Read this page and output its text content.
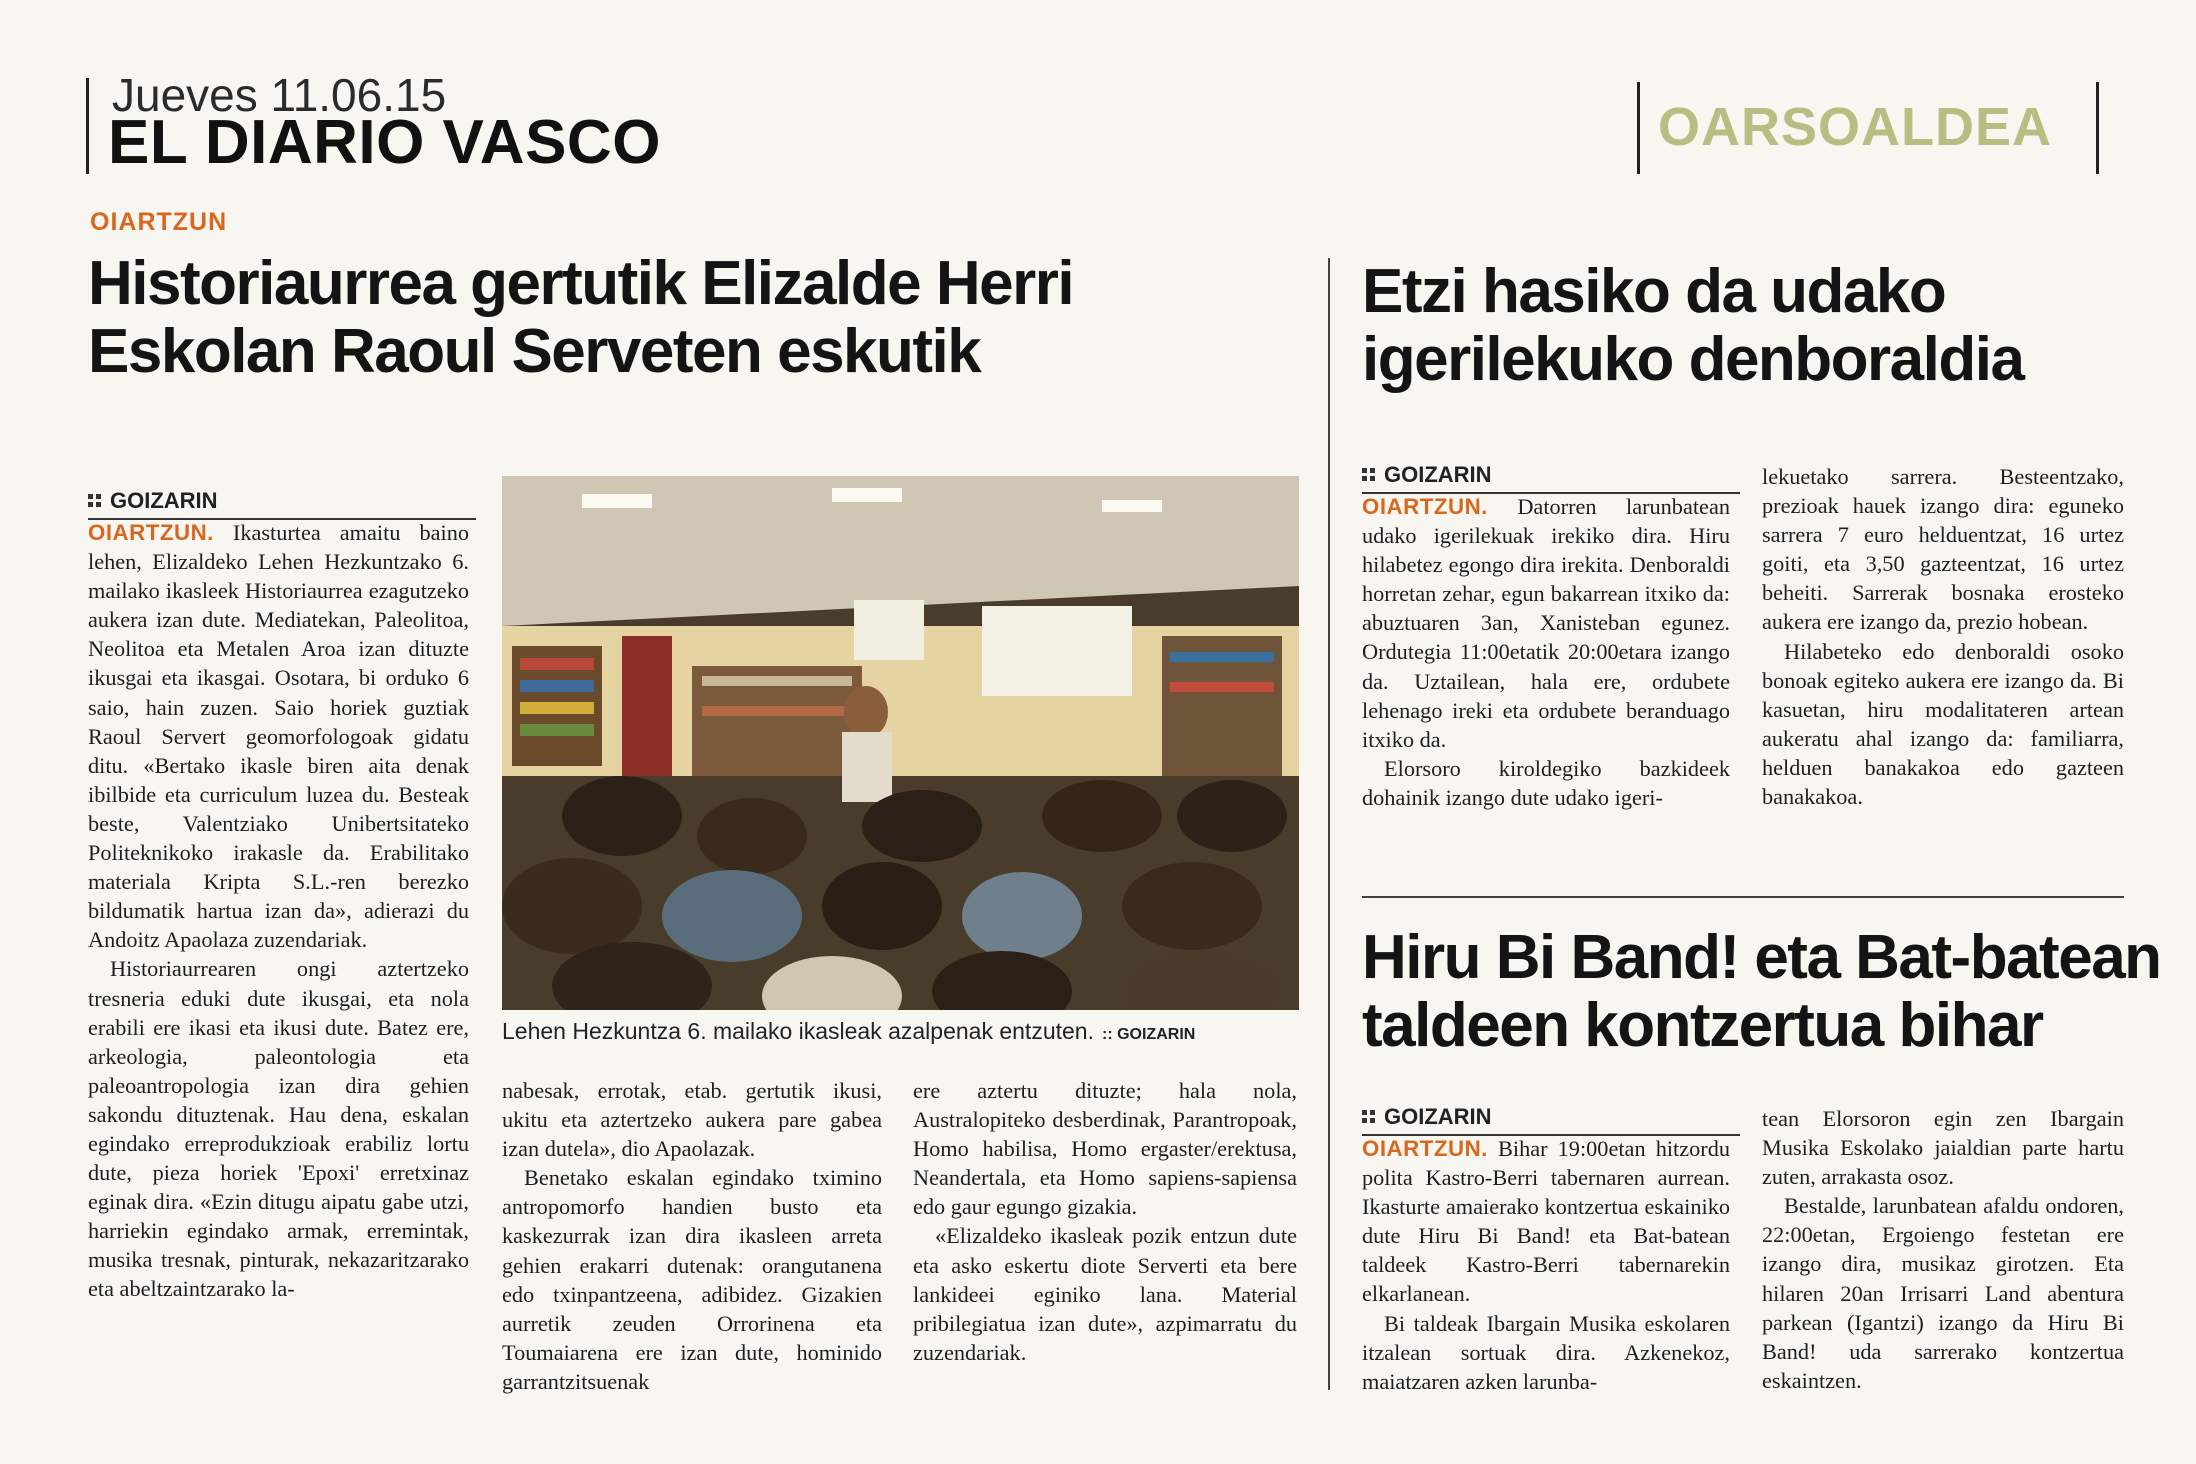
Jueves 11.06.15
EL DIARIO VASCO	OARSOALDEA
OIARTZUN
Historiaurrea gertutik Elizalde Herri
Eskolan Raoul Serveten eskutik
GOIZARIN

OIARTZUN. Ikasturtea amaitu baino lehen, Elizaldeko Lehen Hezkuntzako 6. mailako ikasleek Historiaurrea ezagutzeko aukera izan dute. Mediatekan, Paleolitoa, Neolitoa eta Metalen Aroa izan dituzte ikusgai eta ikasgai. Osotara, bi orduko 6 saio, hain zuzen. Saio horiek guztiak Raoul Servert geomorfologoak gidatu ditu. «Bertako ikasle biren aita denak ibilbide eta curriculum luzea du. Besteak beste, Valentziako Unibertsitateko Politeknikoko irakasle da. Erabilitako materiala Kripta S.L.-ren berezko bildumatik hartua izan da», adierazi du Andoitz Apaolaza zuzendariak.

Historiaurrearen ongi aztertzeko tresneria eduki dute ikusgai, eta nola erabili ere ikasi eta ikusi dute. Batez ere, arkeologia, paleontologia eta paleoantropologia izan dira gehien sakondu dituztenak. Hau dena, eskalan egindako erreprodukzioak erabiliz lortu dute, pieza horiek 'Epoxi' erretxinaz eginak dira. «Ezin ditugu aipatu gabe utzi, harriekin egindako armak, erremintak, musika tresnak, pinturak, nekazaritzarako eta abeltzaintzarako la-

Lehen Hezkuntza 6. mailako ikasleak azalpenak entzuten. :: GOIZARIN

nabesak, errotak, etab. gertutik ikusi, ukitu eta aztertzeko aukera pare gabea izan dutela», dio Apaolazak.

Benetako eskalan egindako tximino antropomorfo handien busto eta kaskezurrak izan dira ikasleen arreta gehien erakarri dutenak: orangutanena edo txinpantzeena, adibidez. Gizakien aurretik zeuden Orrorinena eta Toumaiarena ere izan dute, hominido garrantzitsuenak

ere aztertu dituzte; hala nola, Australopiteko desberdinak, Parantropoak, Homo habilisa, Homo ergaster/erektusa, Neandertala, eta Homo sapiens-sapiensa edo gaur egungo gizakia.

«Elizaldeko ikasleak pozik entzun dute eta asko eskertu diote Serverti eta bere lankideei eginiko lana. Material pribilegiatua izan dute», azpimarratu du zuzendariak.

Etzi hasiko da udako
igerilekuko denboraldia
GOIZARIN

OIARTZUN. Datorren larunbatean udako igerilekuak irekiko dira. Hiru hilabetez egongo dira irekita. Denboraldi horretan zehar, egun bakarrean itxiko da: abuztuaren 3an, Xanisteban egunez. Ordutegia 11:00etatik 20:00etara izango da. Uztailean, hala ere, ordubete lehenago ireki eta ordubete beranduago itxiko da.

Elorsoro kiroldegiko bazkideek dohainik izango dute udako igeri-

lekuetako sarrera. Besteentzako, prezioak hauek izango dira: eguneko sarrera 7 euro helduentzat, 16 urtez goiti, eta 3,50 gazteentzat, 16 urtez beheiti. Sarrerak bosnaka erosteko aukera ere izango da, prezio hobean.

Hilabeteko edo denboraldi osoko bonoak egiteko aukera ere izango da. Bi kasuetan, hiru modalitateren artean aukeratu ahal izango da: familiarra, helduen banakakoa edo gazteen banakakoa.

Hiru Bi Band! eta Bat-batean
taldeen kontzertua bihar
GOIZARIN

OIARTZUN. Bihar 19:00etan hitzordu polita Kastro-Berri tabernaren aurrean. Ikasturte amaierako kontzertua eskainiko dute Hiru Bi Band! eta Bat-batean taldeek Kastro-Berri tabernarekin elkarlanean.

Bi taldeak Ibargain Musika eskolaren itzalean sortuak dira. Azkenekoz, maiatzaren azken larunba-

tean Elorsoron egin zen Ibargain Musika Eskolako jaialdian parte hartu zuten, arrakasta osoz.

Bestalde, larunbatean afaldu ondoren, 22:00etan, Ergoiengo festetan ere izango dira, musikaz girotzen. Eta hilaren 20an Irrisarri Land abentura parkean (Igantzi) izango da Hiru Bi Band! uda sarrerako kontzertua eskaintzen.
